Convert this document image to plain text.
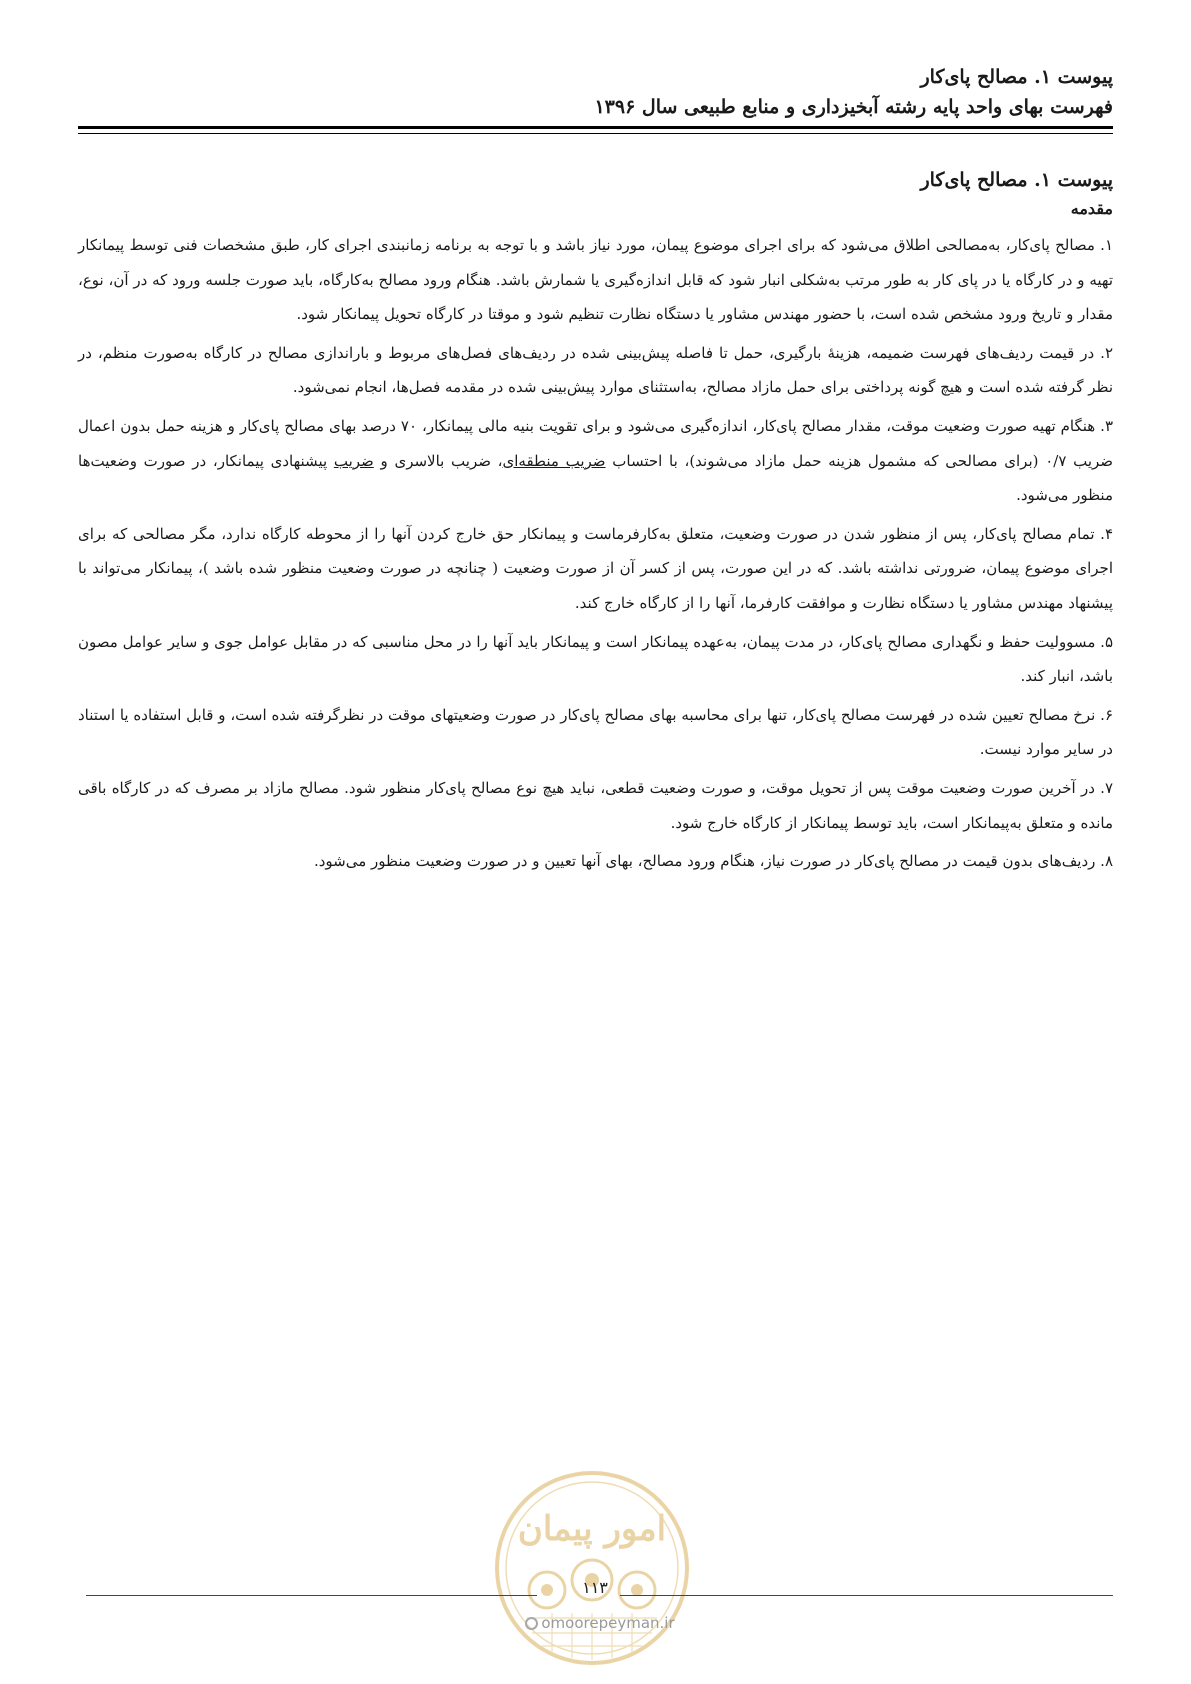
پیوست ۱. مصالح پای‌کار
فهرست بهای واحد پایه رشته آبخیزداری و منابع طبیعی سال ۱۳۹۶

پیوست ۱. مصالح پای‌کار

مقدمه

۱. مصالح پای‌کار، به‌مصالحی اطلاق می‌شود که برای اجرای موضوع پیمان، مورد نیاز باشد و با توجه به برنامه زمانبندی اجرای کار، طبق مشخصات فنی توسط پیمانکار تهیه و در کارگاه یا در پای کار به طور مرتب به‌شکلی انبار شود که قابل اندازه‌گیری یا شمارش باشد. هنگام ورود مصالح به‌کارگاه، باید صورت جلسه ورود که در آن، نوع، مقدار و تاریخ ورود مشخص شده است، با حضور مهندس مشاور یا دستگاه نظارت تنظیم شود و موقتا در کارگاه تحویل پیمانکار شود.

۲. در قیمت ردیف‌های فهرست ضمیمه، هزینهٔ بارگیری، حمل تا فاصله پیش‌بینی شده در ردیف‌های فصل‌های مربوط و باراندازی مصالح در کارگاه به‌صورت منظم، در نظر گرفته شده است و هیچ گونه پرداختی برای حمل مازاد مصالح، به‌استثنای موارد پیش‌بینی شده در مقدمه فصل‌ها، انجام نمی‌شود.

۳. هنگام تهیه صورت وضعیت موقت، مقدار مصالح پای‌کار، اندازه‌گیری می‌شود و برای تقویت بنیه مالی پیمانکار، ۷۰ درصد بهای مصالح پای‌کار و هزینه حمل بدون اعمال ضریب ۰/۷ (برای مصالحی که مشمول هزینه حمل مازاد می‌شوند)، با احتساب ضریب منطقه‌ای، ضریب بالاسری و ضریب پیشنهادی پیمانکار، در صورت وضعیت‌ها منظور می‌شود.

۴. تمام مصالح پای‌کار، پس از منظور شدن در صورت وضعیت، متعلق به‌کارفرماست و پیمانکار حق خارج کردن آنها را از محوطه کارگاه ندارد، مگر مصالحی که برای اجرای موضوع پیمان، ضرورتی نداشته باشد. که در این صورت، پس از کسر آن از صورت وضعیت ( چنانچه در صورت وضعیت منظور شده باشد )، پیمانکار می‌تواند با پیشنهاد مهندس مشاور یا دستگاه نظارت و موافقت کارفرما، آنها را از کارگاه خارج کند.

۵. مسوولیت حفظ و نگهداری مصالح پای‌کار، در مدت پیمان، به‌عهده پیمانکار است و پیمانکار باید آنها را در محل مناسبی که در مقابل عوامل جوی و سایر عوامل مصون باشد، انبار کند.

۶. نرخ مصالح تعیین شده در فهرست مصالح پای‌کار، تنها برای محاسبه بهای مصالح پای‌کار در صورت وضعیتهای موقت در نظرگرفته شده است، و قابل استفاده یا استناد در سایر موارد نیست.

۷. در آخرین صورت وضعیت موقت پس از تحویل موقت، و صورت وضعیت قطعی، نباید هیچ نوع مصالح پای‌کار منظور شود. مصالح مازاد بر مصرف که در کارگاه باقی مانده و متعلق به‌پیمانکار است، باید توسط پیمانکار از کارگاه خارج شود.

۸. ردیف‌های بدون قیمت در مصالح پای‌کار در صورت نیاز، هنگام ورود مصالح، بهای آنها تعیین و در صورت وضعیت منظور می‌شود.

امور پیمان
۱۱۳
omoorepeyman.ir
